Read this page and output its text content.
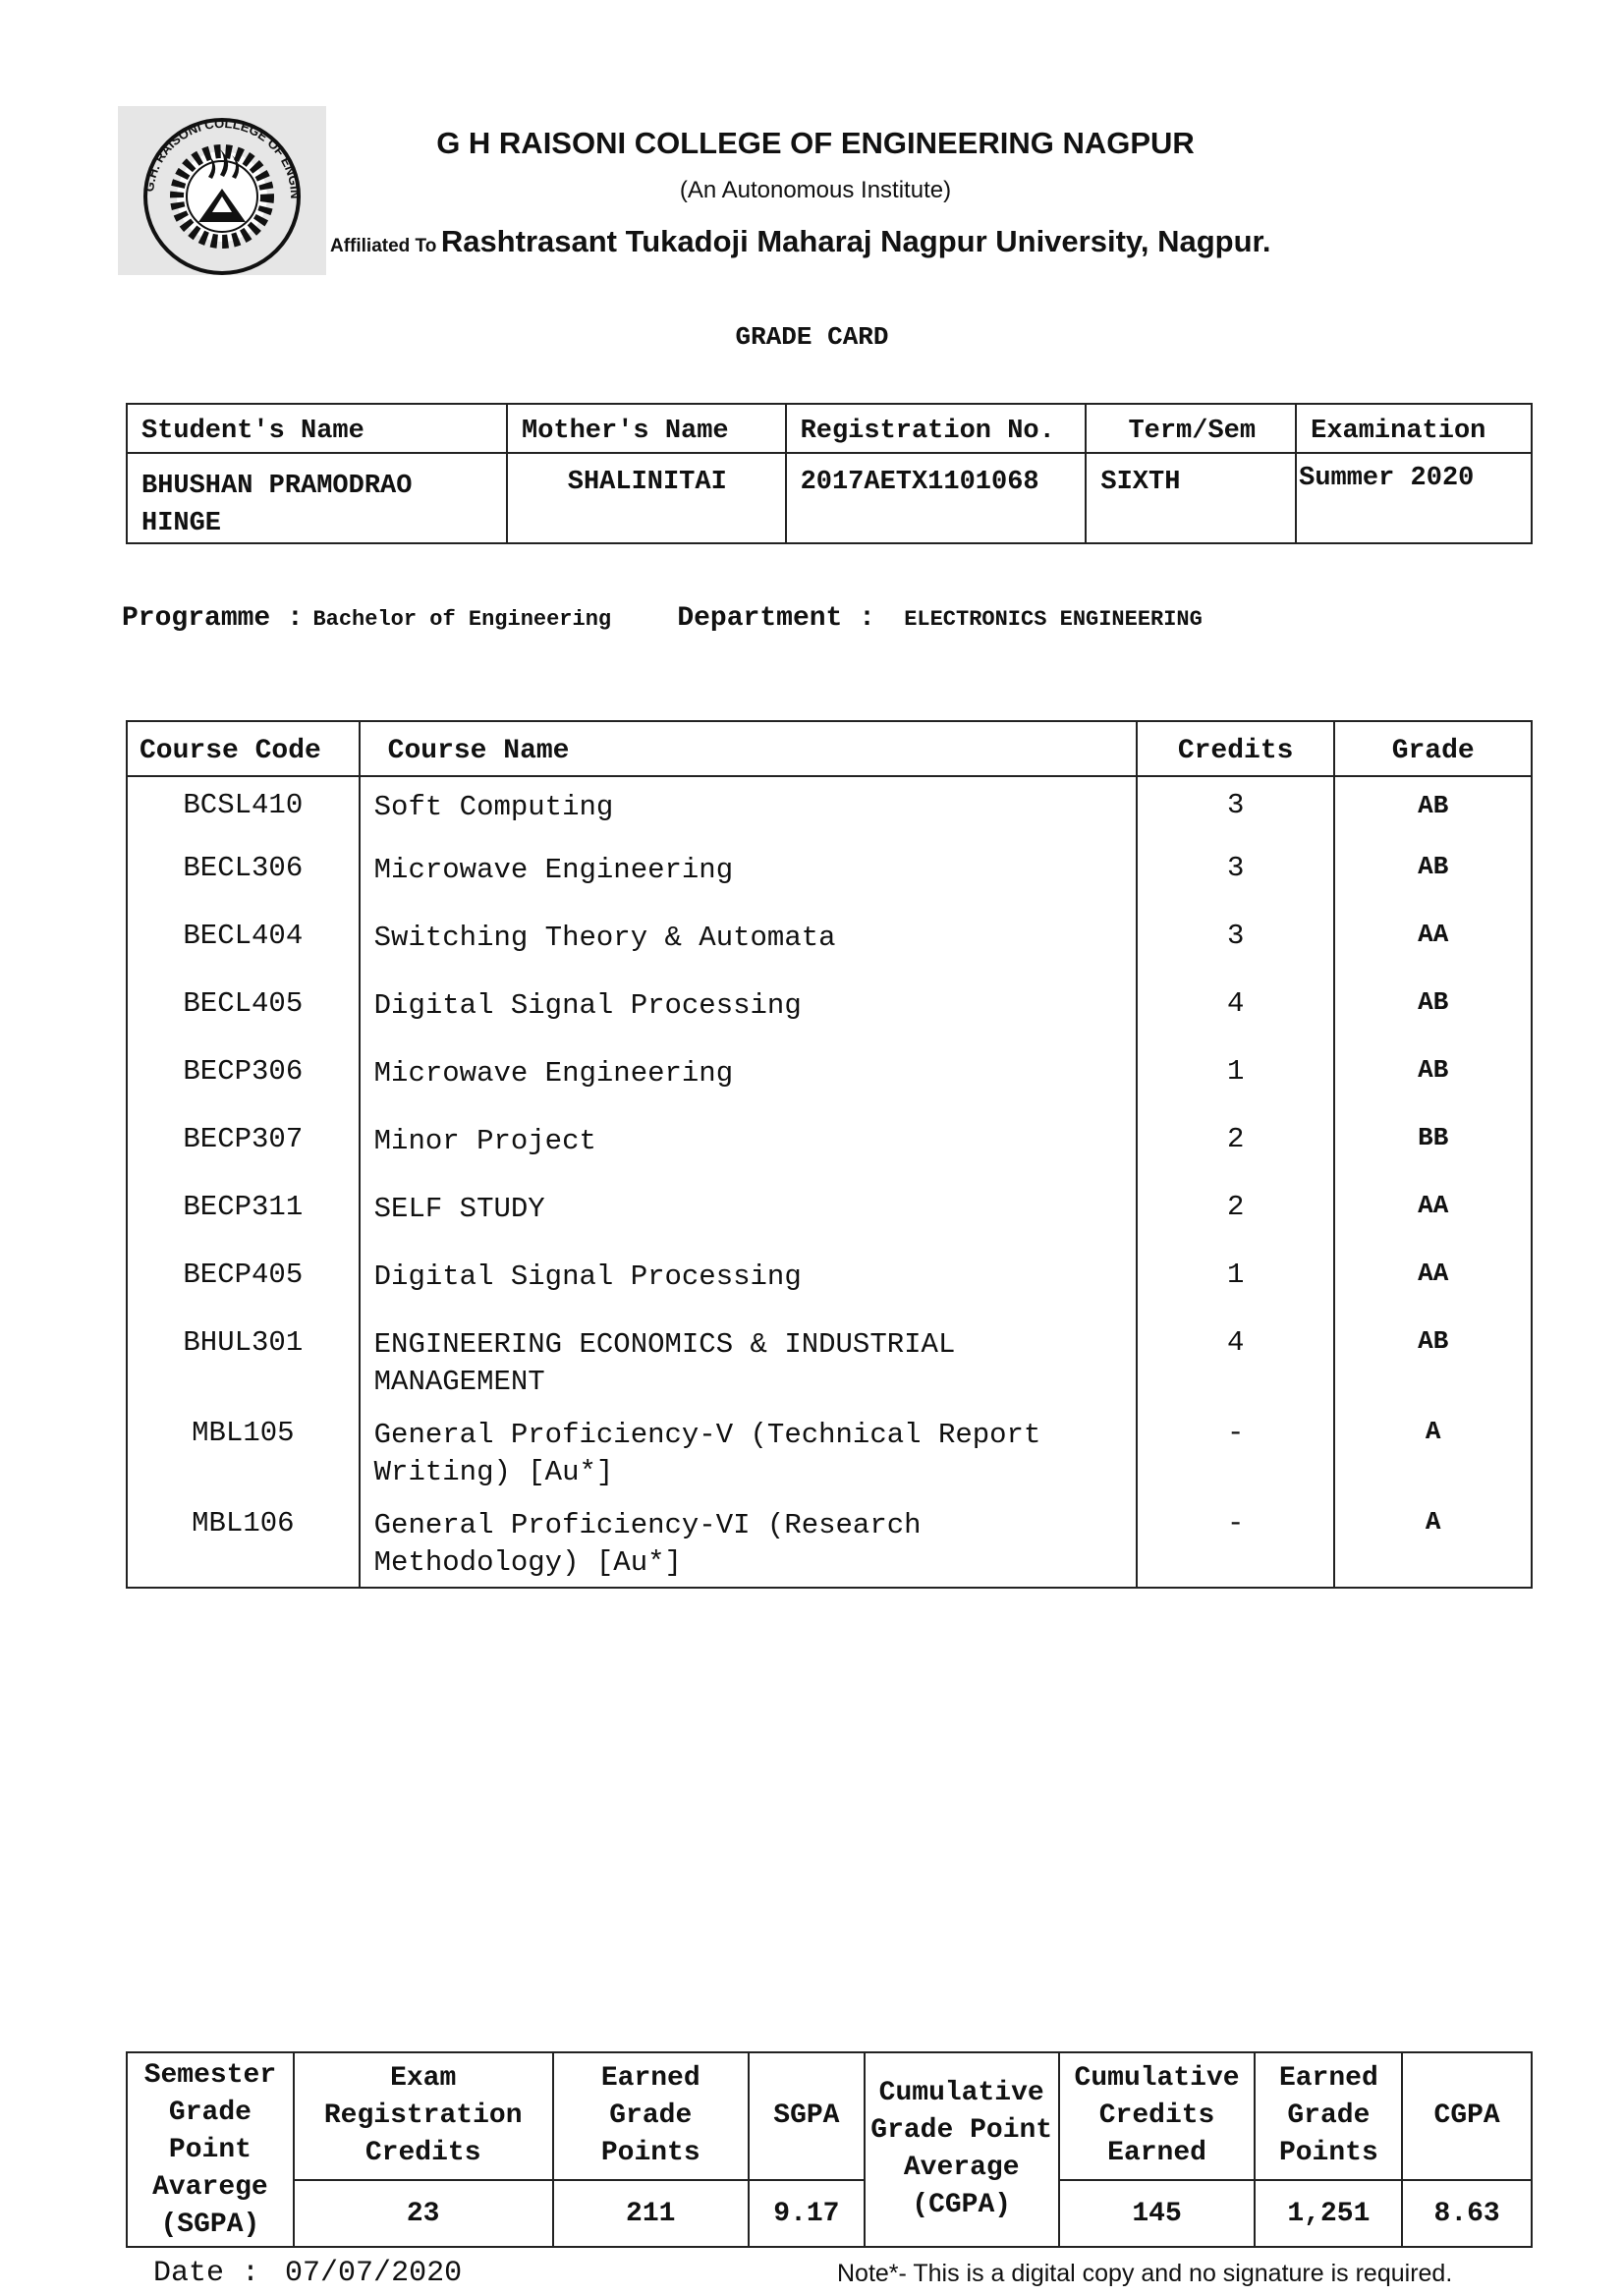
G.H. RAISONI COLLEGE OF ENGIN
G H RAISONI COLLEGE OF ENGINEERING NAGPUR
(An Autonomous Institute)
Affiliated To Rashtrasant Tukadoji Maharaj Nagpur University, Nagpur.
GRADE CARD
Student's Name	Mother's Name	Registration No.	Term/Sem	Examination
BHUSHAN PRAMODRAO HINGE	SHALINITAI	2017AETX1101068	SIXTH	Summer 2020
Programme : Bachelor of Engineering Department : ELECTRONICS ENGINEERING
Course Code	Course Name	Credits	Grade
BCSL410	Soft Computing	3	AB
BECL306	Microwave Engineering	3	AB
BECL404	Switching Theory & Automata	3	AA
BECL405	Digital Signal Processing	4	AB
BECP306	Microwave Engineering	1	AB
BECP307	Minor Project	2	BB
BECP311	SELF STUDY	2	AA
BECP405	Digital Signal Processing	1	AA
BHUL301	ENGINEERING ECONOMICS & INDUSTRIAL MANAGEMENT	4	AB
MBL105	General Proficiency-V (Technical Report Writing) [Au*]	-	A
MBL106	General Proficiency-VI (Research Methodology) [Au*]	-	A
Semester Grade Point Avarege (SGPA)	Exam Registration Credits	Earned Grade Points	SGPA	Cumulative Grade Point Average (CGPA)	Cumulative Credits Earned	Earned Grade Points	CGPA
	23	211	9.17		145	1,251	8.63
Date : 07/07/2020	Note*- This is a digital copy and no signature is required.
